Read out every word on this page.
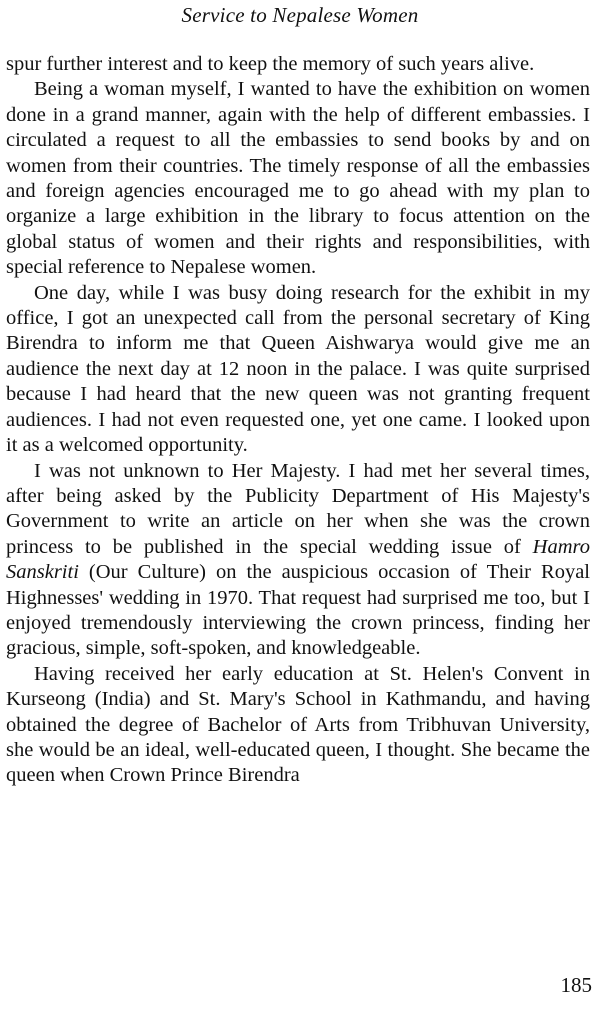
Service to Nepalese Women

spur further interest and to keep the memory of such years alive.

Being a woman myself, I wanted to have the exhibition on women done in a grand manner, again with the help of different embassies. I circulated a request to all the embassies to send books by and on women from their countries. The timely response of all the embassies and foreign agencies encouraged me to go ahead with my plan to organize a large exhibition in the library to focus attention on the global status of women and their rights and responsibilities, with special reference to Nepalese women.

One day, while I was busy doing research for the exhibit in my office, I got an unexpected call from the personal secretary of King Birendra to inform me that Queen Aishwarya would give me an audience the next day at 12 noon in the palace. I was quite surprised because I had heard that the new queen was not granting frequent audiences. I had not even requested one, yet one came. I looked upon it as a welcomed opportunity.

I was not unknown to Her Majesty. I had met her several times, after being asked by the Publicity Department of His Majesty's Government to write an article on her when she was the crown princess to be published in the special wedding issue of Hamro Sanskriti (Our Culture) on the auspicious occasion of Their Royal Highnesses' wedding in 1970. That request had surprised me too, but I enjoyed tremendously interviewing the crown princess, finding her gracious, simple, soft-spoken, and knowledgeable.

Having received her early education at St. Helen's Convent in Kurseong (India) and St. Mary's School in Kathmandu, and having obtained the degree of Bachelor of Arts from Tribhuvan University, she would be an ideal, well-educated queen, I thought. She became the queen when Crown Prince Birendra

185
